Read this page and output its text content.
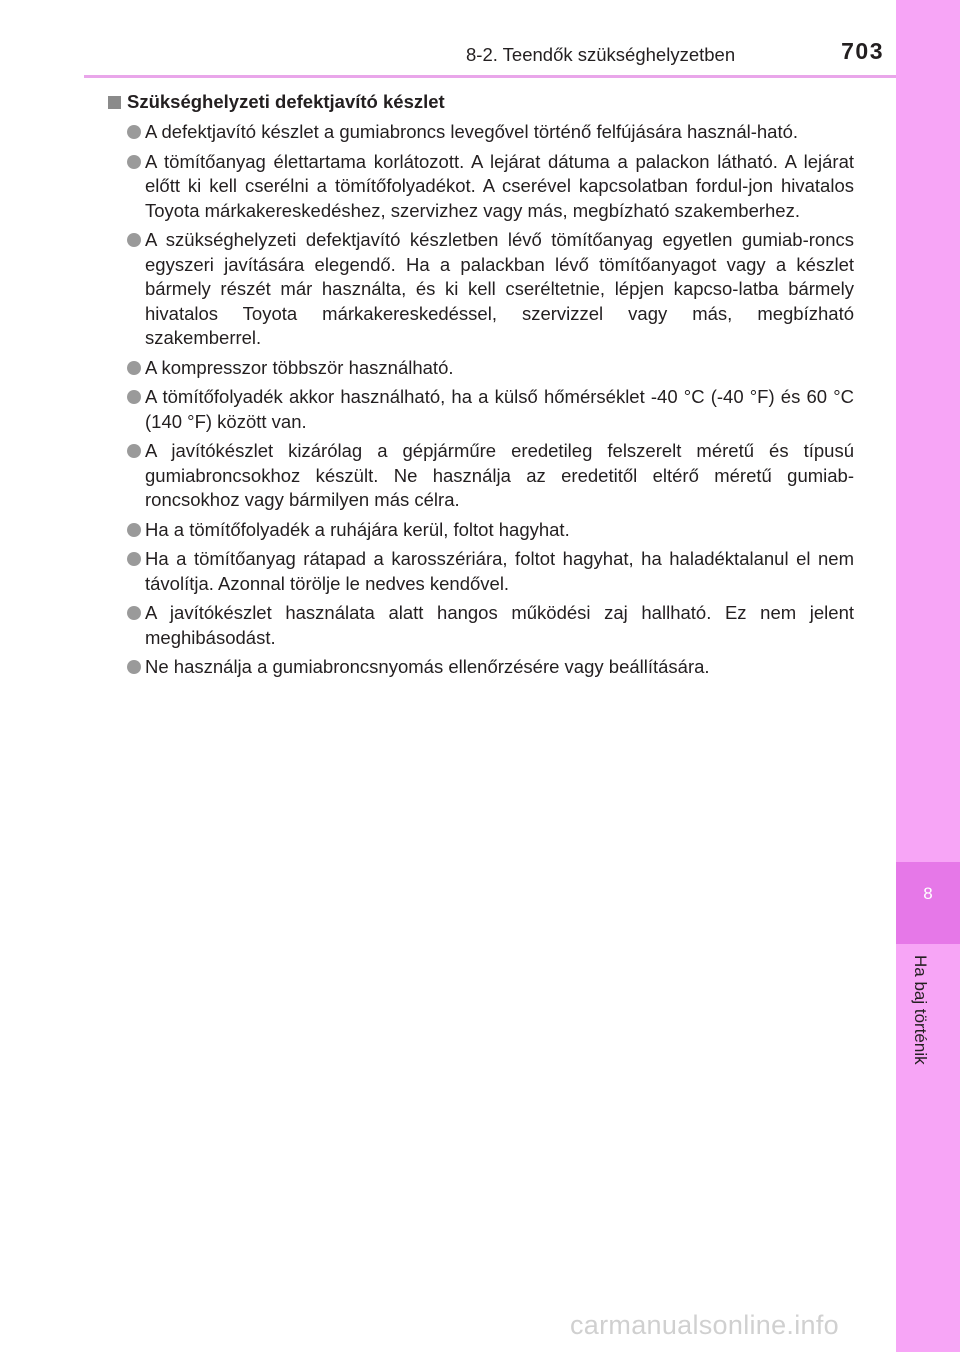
8
Ha baj történik
8-2. Teendők szükséghelyzetben	703
Szükséghelyzeti defektjavító készlet
A defektjavító készlet a gumiabroncs levegővel történő felfújására használ-ható.
A tömítőanyag élettartama korlátozott. A lejárat dátuma a palackon látható. A lejárat előtt ki kell cserélni a tömítőfolyadékot. A cserével kapcsolatban fordul-jon hivatalos Toyota márkakereskedéshez, szervizhez vagy más, megbízható szakemberhez.
A szükséghelyzeti defektjavító készletben lévő tömítőanyag egyetlen gumiab-roncs egyszeri javítására elegendő. Ha a palackban lévő tömítőanyagot vagy a készlet bármely részét már használta, és ki kell cseréltetnie, lépjen kapcso-latba bármely hivatalos Toyota márkakereskedéssel, szervizzel vagy más, megbízható szakemberrel.
A kompresszor többször használható.
A tömítőfolyadék akkor használható, ha a külső hőmérséklet -40 °C (-40 °F) és 60 °C (140 °F) között van.
A javítókészlet kizárólag a gépjárműre eredetileg felszerelt méretű és típusú gumiabroncsokhoz készült. Ne használja az eredetitől eltérő méretű gumiab-roncsokhoz vagy bármilyen más célra.
Ha a tömítőfolyadék a ruhájára kerül, foltot hagyhat.
Ha a tömítőanyag rátapad a karosszériára, foltot hagyhat, ha haladéktalanul el nem távolítja. Azonnal törölje le nedves kendővel.
A javítókészlet használata alatt hangos működési zaj hallható. Ez nem jelent meghibásodást.
Ne használja a gumiabroncsnyomás ellenőrzésére vagy beállítására.
carmanualsonline.info
